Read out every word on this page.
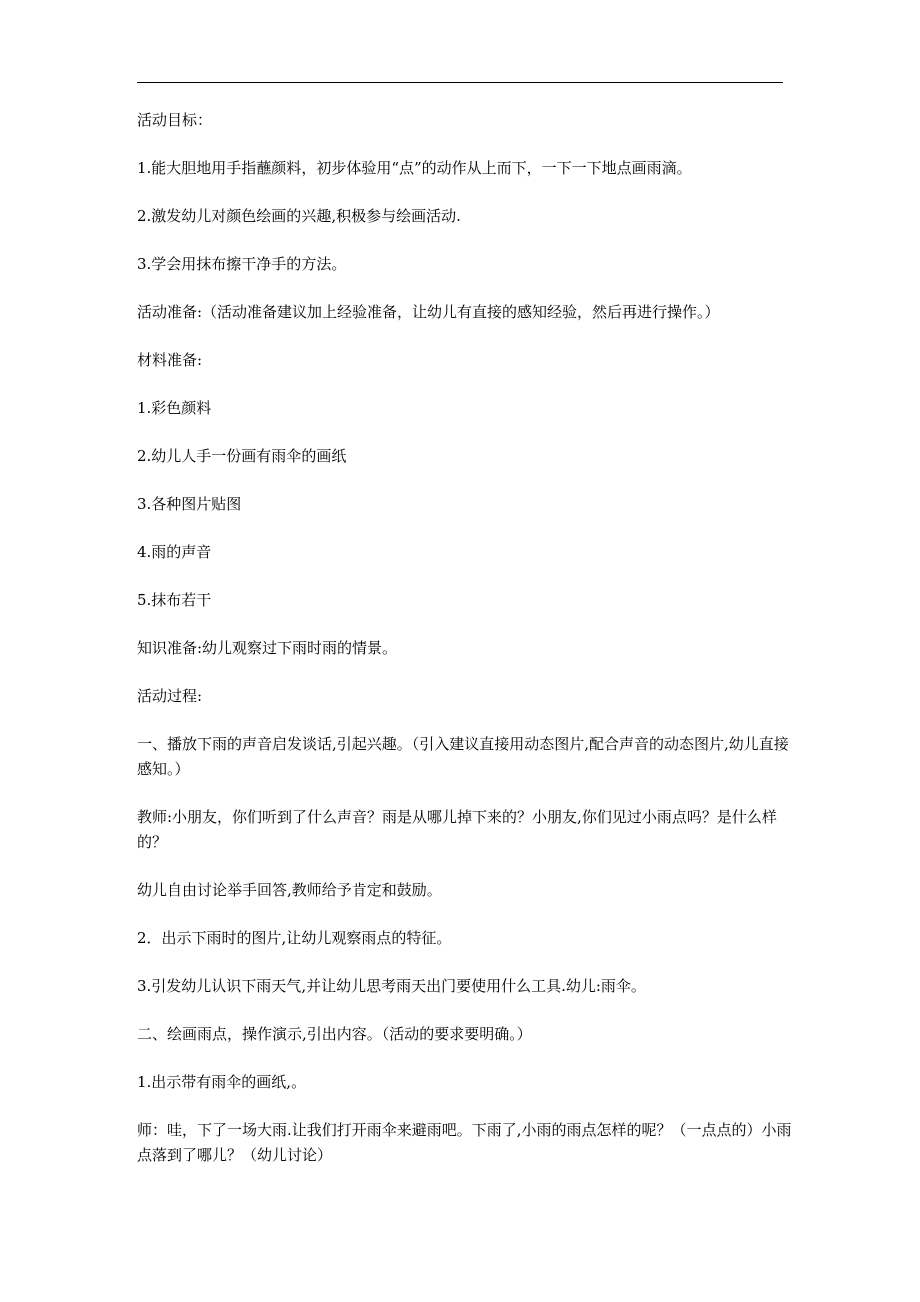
活动目标：

1.能大胆地用手指蘸颜料，初步体验用“点”的动作从上而下，一下一下地点画雨滴。

2.激发幼儿对颜色绘画的兴趣,积极参与绘画活动.

3.学会用抹布擦干净手的方法。

活动准备:（活动准备建议加上经验准备，让幼儿有直接的感知经验，然后再进行操作。）

材料准备:

1.彩色颜料

2.幼儿人手一份画有雨伞的画纸

3.各种图片贴图

4.雨的声音

5.抹布若干

知识准备:幼儿观察过下雨时雨的情景。

活动过程:

一、播放下雨的声音启发谈话,引起兴趣。（引入建议直接用动态图片,配合声音的动态图片,幼儿直接感知。）

教师:小朋友，你们听到了什么声音？雨是从哪儿掉下来的？小朋友,你们见过小雨点吗？是什么样的？

幼儿自由讨论举手回答,教师给予肯定和鼓励。

2．出示下雨时的图片,让幼儿观察雨点的特征。

3.引发幼儿认识下雨天气,并让幼儿思考雨天出门要使用什么工具.幼儿:雨伞。

二、绘画雨点，操作演示,引出内容。（活动的要求要明确。）

1.出示带有雨伞的画纸,。

师：哇，下了一场大雨.让我们打开雨伞来避雨吧。下雨了,小雨的雨点怎样的呢？（一点点的）小雨点落到了哪儿？（幼儿讨论）
